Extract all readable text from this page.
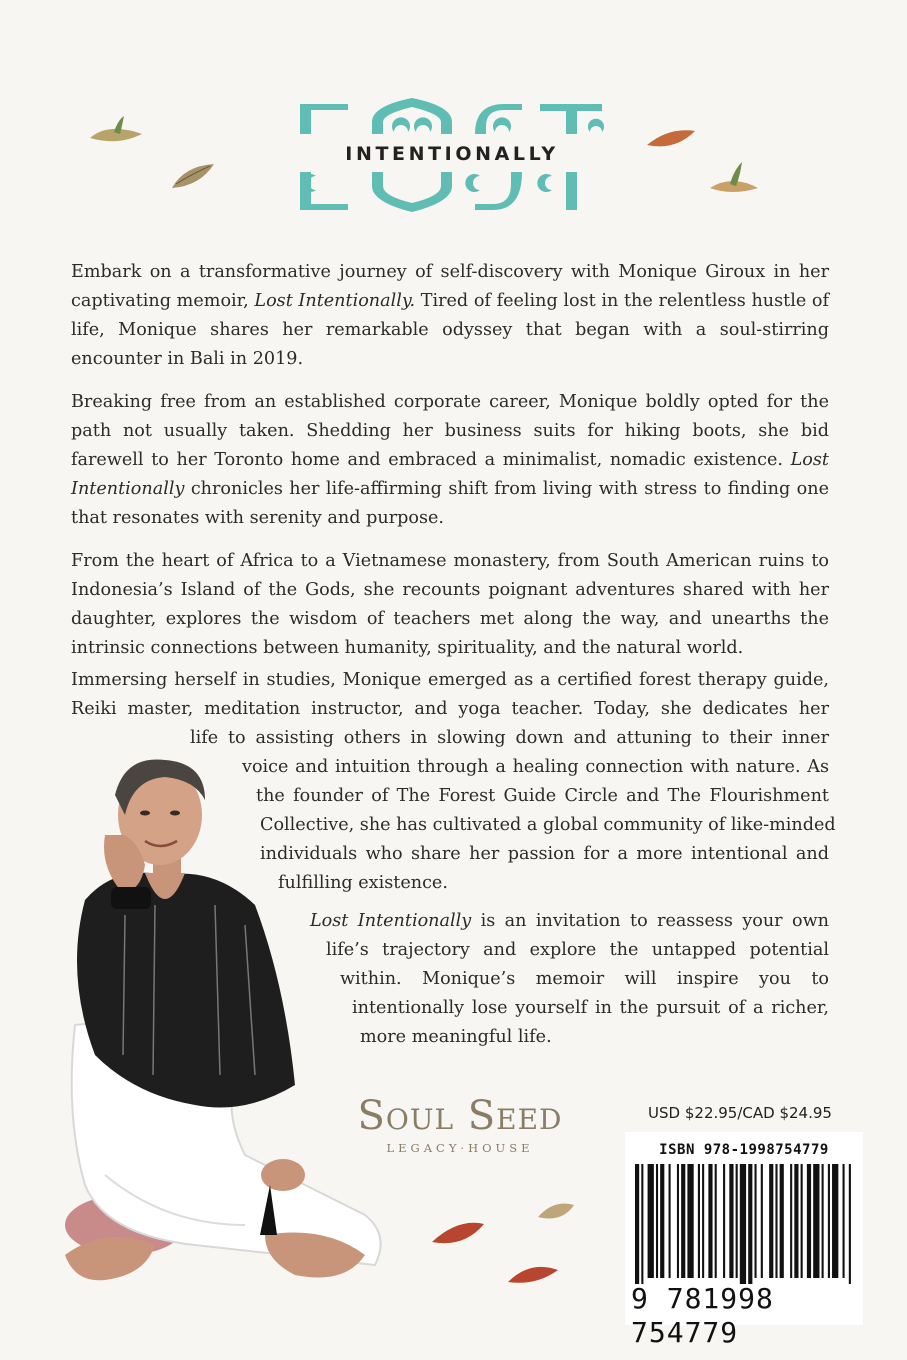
INTENTIONALLY

Embark on a transformative journey of self-discovery with Monique Giroux in her captivating memoir, Lost Intentionally. Tired of feeling lost in the relentless hustle of life, Monique shares her remarkable odyssey that began with a soul-stirring encounter in Bali in 2019.

Breaking free from an established corporate career, Monique boldly opted for the path not usually taken. Shedding her business suits for hiking boots, she bid farewell to her Toronto home and embraced a minimalist, nomadic existence. Lost Intentionally chronicles her life-affirming shift from living with stress to finding one that resonates with serenity and purpose.

From the heart of Africa to a Vietnamese monastery, from South American ruins to Indonesia’s Island of the Gods, she recounts poignant adventures shared with her daughter, explores the wisdom of teachers met along the way, and unearths the intrinsic connections between humanity, spirituality, and the natural world.

Immersing herself in studies, Monique emerged as a certified forest therapy guide,
Reiki master, meditation instructor, and yoga teacher. Today, she dedicates her
life to assisting others in slowing down and attuning to their inner
voice and intuition through a healing connection with nature. As
the founder of The Forest Guide Circle and The Flourishment
Collective, she has cultivated a global community of like-minded
individuals who share her passion for a more intentional and
fulfilling existence.
Lost Intentionally is an invitation to reassess your own
life’s trajectory and explore the untapped potential
within. Monique’s memoir will inspire you to
intentionally lose yourself in the pursuit of a richer,
more meaningful life.
Soul Seed
LEGACY·HOUSE
USD $22.95/CAD $24.95
ISBN 978-1998754779
9 781998 754779
